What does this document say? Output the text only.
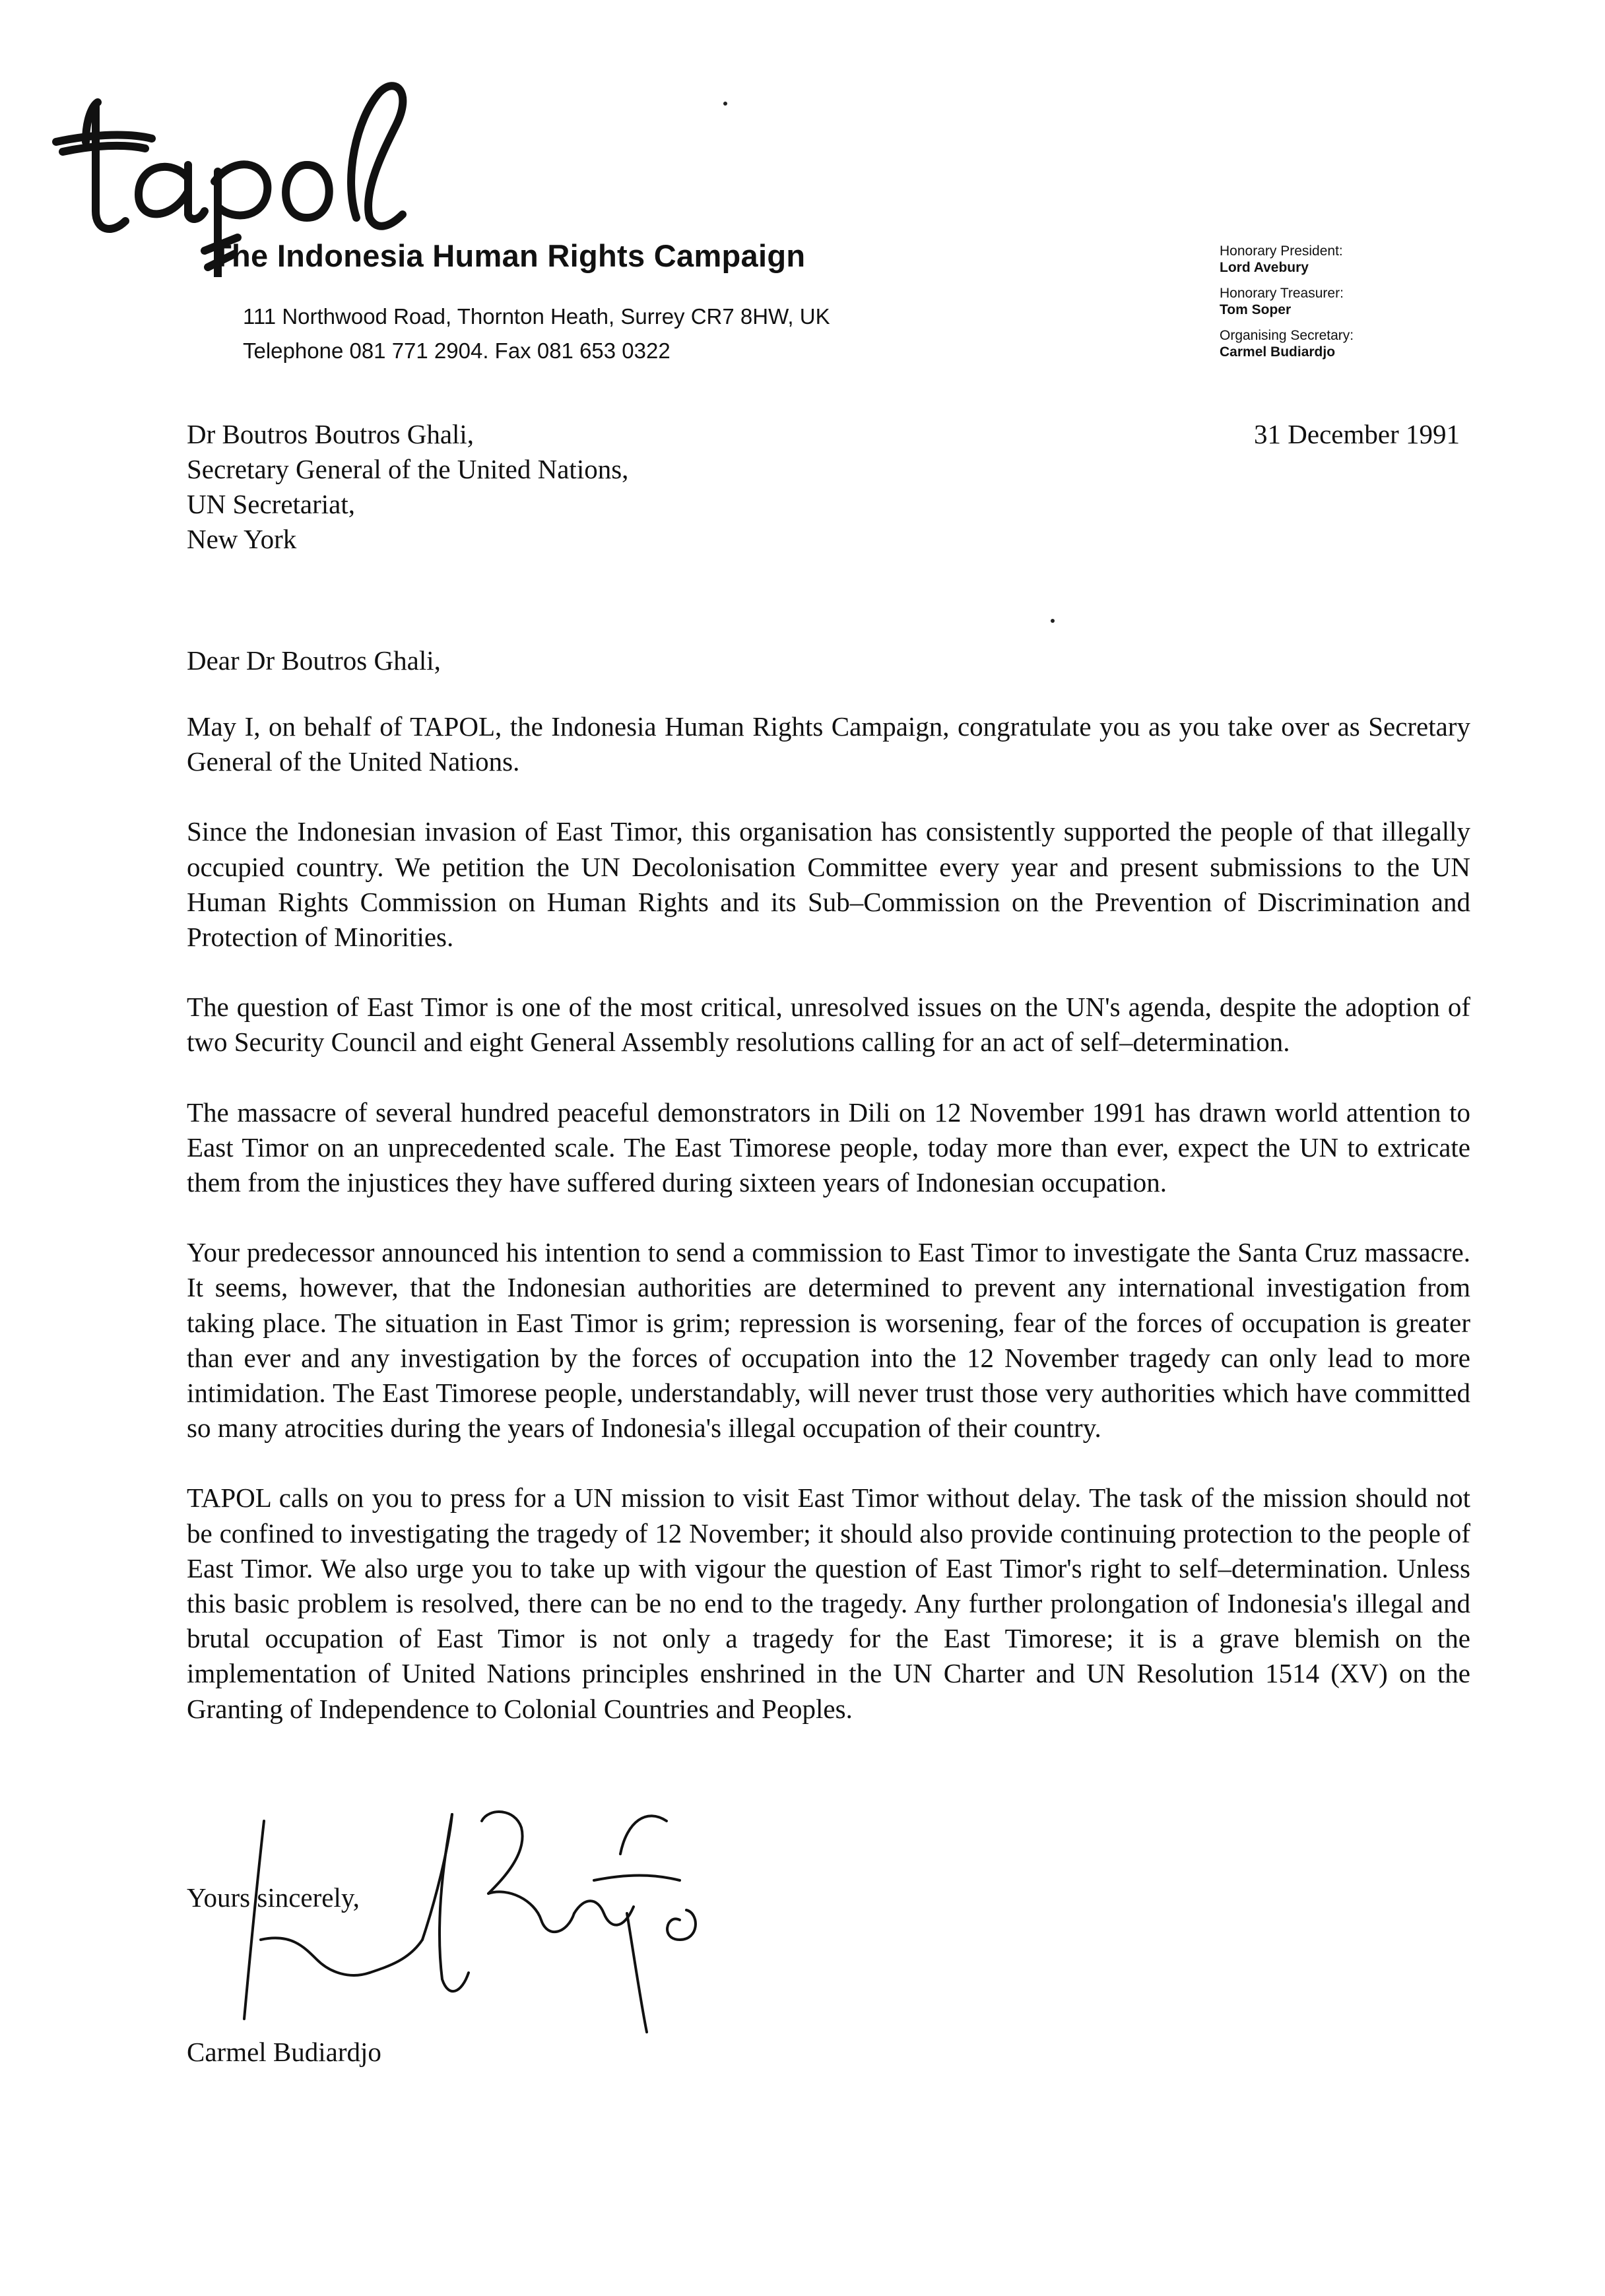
The Indonesia Human Rights Campaign
111 Northwood Road, Thornton Heath, Surrey CR7 8HW, UK
Telephone 081 771 2904. Fax 081 653 0322
Honorary President:
Lord Avebury
Honorary Treasurer:
Tom Soper
Organising Secretary:
Carmel Budiardjo
Dr Boutros Boutros Ghali,
Secretary General of the United Nations,
UN Secretariat,
New York
31 December 1991
Dear Dr Boutros Ghali,

May I, on behalf of TAPOL, the Indonesia Human Rights Campaign, congratulate you as you take over as Secretary General of the United Nations.

Since the Indonesian invasion of East Timor, this organisation has consistently supported the people of that illegally occupied country. We petition the UN Decolonisation Committee every year and present submissions to the UN Human Rights Commission on Human Rights and its Sub–Commission on the Prevention of Discrimination and Protection of Minorities.

The question of East Timor is one of the most critical, unresolved issues on the UN's agenda, despite the adoption of two Security Council and eight General Assembly resolutions calling for an act of self–determination.

The massacre of several hundred peaceful demonstrators in Dili on 12 November 1991 has drawn world attention to East Timor on an unprecedented scale. The East Timorese people, today more than ever, expect the UN to extricate them from the injustices they have suffered during sixteen years of Indonesian occupation.

Your predecessor announced his intention to send a commission to East Timor to investigate the Santa Cruz massacre. It seems, however, that the Indonesian authorities are determined to prevent any international investigation from taking place. The situation in East Timor is grim; repression is worsening, fear of the forces of occupation is greater than ever and any investigation by the forces of occupation into the 12 November tragedy can only lead to more intimidation. The East Timorese people, understandably, will never trust those very authorities which have committed so many atrocities during the years of Indonesia's illegal occupation of their country.

TAPOL calls on you to press for a UN mission to visit East Timor without delay. The task of the mission should not be confined to investigating the tragedy of 12 November; it should also provide continuing protection to the people of East Timor. We also urge you to take up with vigour the question of East Timor's right to self–determination. Unless this basic problem is resolved, there can be no end to the tragedy. Any further prolongation of Indonesia's illegal and brutal occupation of East Timor is not only a tragedy for the East Timorese; it is a grave blemish on the implementation of United Nations principles enshrined in the UN Charter and UN Resolution 1514 (XV) on the Granting of Independence to Colonial Countries and Peoples.

Yours sincerely,
Carmel Budiardjo
